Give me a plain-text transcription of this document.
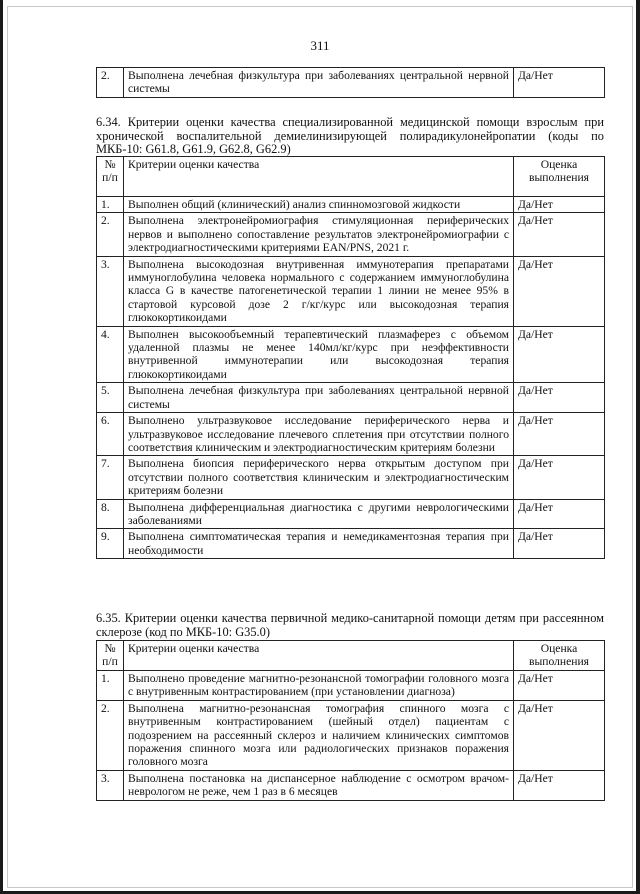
311
2.	Выполнена лечебная физкультура при заболеваниях центральной нервной системы	Да/Нет
6.34. Критерии оценки качества специализированной медицинской помощи взрослым при хронической воспалительной демиелинизирующей полирадикулонейропатии (коды по МКБ-10: G61.8, G61.9, G62.8, G62.9)
№ п/п	Критерии оценки качества	Оценка выполнения
1.	Выполнен общий (клинический) анализ спинномозговой жидкости	Да/Нет
2.	Выполнена электронейромиография стимуляционная периферических нервов и выполнено сопоставление результатов электронейромиографии с электродиагностическими критериями EAN/PNS, 2021 г.	Да/Нет
3.	Выполнена высокодозная внутривенная иммунотерапия препаратами иммуноглобулина человека нормального с содержанием иммуноглобулина класса G в качестве патогенетической терапии 1 линии не менее 95% в стартовой курсовой дозе 2 г/кг/курс или высокодозная терапия глюкокортикоидами	Да/Нет
4.	Выполнен высокообъемный терапевтический плазмаферез с объемом удаленной плазмы не менее 140мл/кг/курс при неэффективности внутривенной иммунотерапии или высокодозная терапия глюкокортикоидами	Да/Нет
5.	Выполнена лечебная физкультура при заболеваниях центральной нервной системы	Да/Нет
6.	Выполнено ультразвуковое исследование периферического нерва и ультразвуковое исследование плечевого сплетения при отсутствии полного соответствия клиническим и электродиагностическим критериям болезни	Да/Нет
7.	Выполнена биопсия периферического нерва открытым доступом при отсутствии полного соответствия клиническим и электродиагностическим критериям болезни	Да/Нет
8.	Выполнена дифференциальная диагностика с другими неврологическими заболеваниями	Да/Нет
9.	Выполнена симптоматическая терапия и немедикаментозная терапия при необходимости	Да/Нет
6.35. Критерии оценки качества первичной медико-санитарной помощи детям при рассеянном склерозе (код по МКБ-10: G35.0)
№ п/п	Критерии оценки качества	Оценка выполнения
1.	Выполнено проведение магнитно-резонансной томографии головного мозга с внутривенным контрастированием (при установлении диагноза)	Да/Нет
2.	Выполнена магнитно-резонансная томография спинного мозга с внутривенным контрастированием (шейный отдел) пациентам с подозрением на рассеянный склероз и наличием клинических симптомов поражения спинного мозга или радиологических признаков поражения головного мозга	Да/Нет
3.	Выполнена постановка на диспансерное наблюдение с осмотром врачом-неврологом не реже, чем 1 раз в 6 месяцев	Да/Нет
